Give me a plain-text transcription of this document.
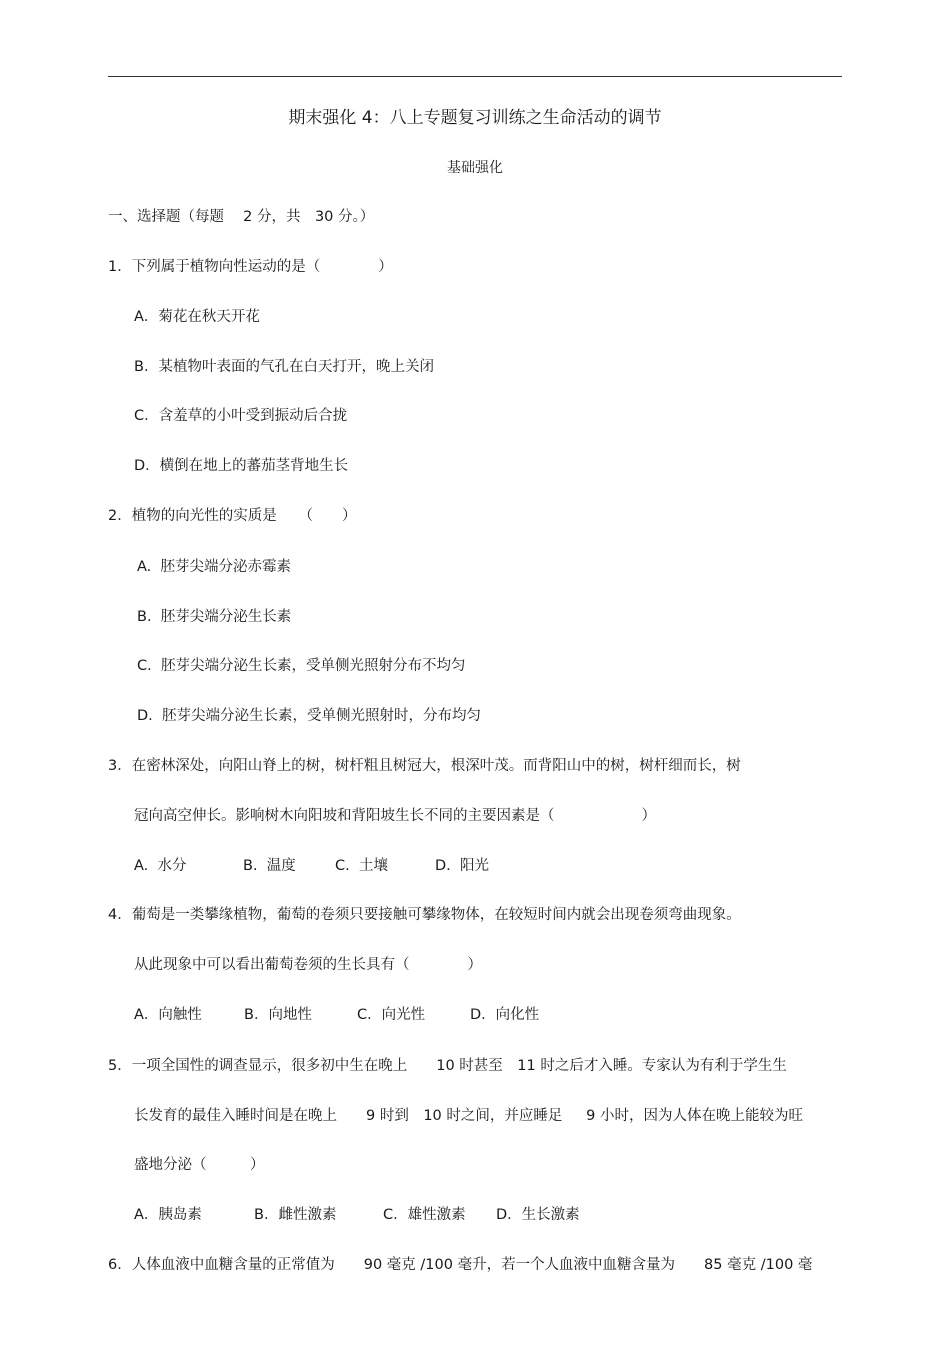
期末强化 4：八上专题复习训练之生命活动的调节
基础强化
一、选择题（每题　 2 分，共　30 分。）
1．下列属于植物向性运动的是（　　　　）
A．菊花在秋天开花
B．某植物叶表面的气孔在白天打开，晚上关闭
C．含羞草的小叶受到振动后合拢
D．横倒在地上的蕃茄茎背地生长
2．植物的向光性的实质是　　（　　）
A.  胚芽尖端分泌赤霉素
B.  胚芽尖端分泌生长素
C.  胚芽尖端分泌生长素，受单侧光照射分布不均匀
D.  胚芽尖端分泌生长素，受单侧光照射时，分布均匀
3．在密林深处，向阳山脊上的树，树杆粗且树冠大，根深叶茂。而背阳山中的树，树杆细而长，树
冠向高空伸长。影响树木向阳坡和背阳坡生长不同的主要因素是（　　　　　　）
A.  水分	B.  温度	C.  土壤	D.  阳光
4．葡萄是一类攀缘植物，葡萄的卷须只要接触可攀缘物体，在较短时间内就会出现卷须弯曲现象。
从此现象中可以看出葡萄卷须的生长具有（　　　　）
A．向触性	B．向地性	C．向光性	D．向化性
5．一项全国性的调查显示，很多初中生在晚上　　10 时甚至　11 时之后才入睡。专家认为有利于学生生
长发育的最佳入睡时间是在晚上　　9 时到　10 时之间，并应睡足　  9 小时，因为人体在晚上能较为旺
盛地分泌（　　　）
A．胰岛素	B．雌性激素	C．雄性激素 D．生长激素
6．人体血液中血糖含量的正常值为　　90 毫克 /100 毫升，若一个人血液中血糖含量为　　85 毫克 /100 毫
